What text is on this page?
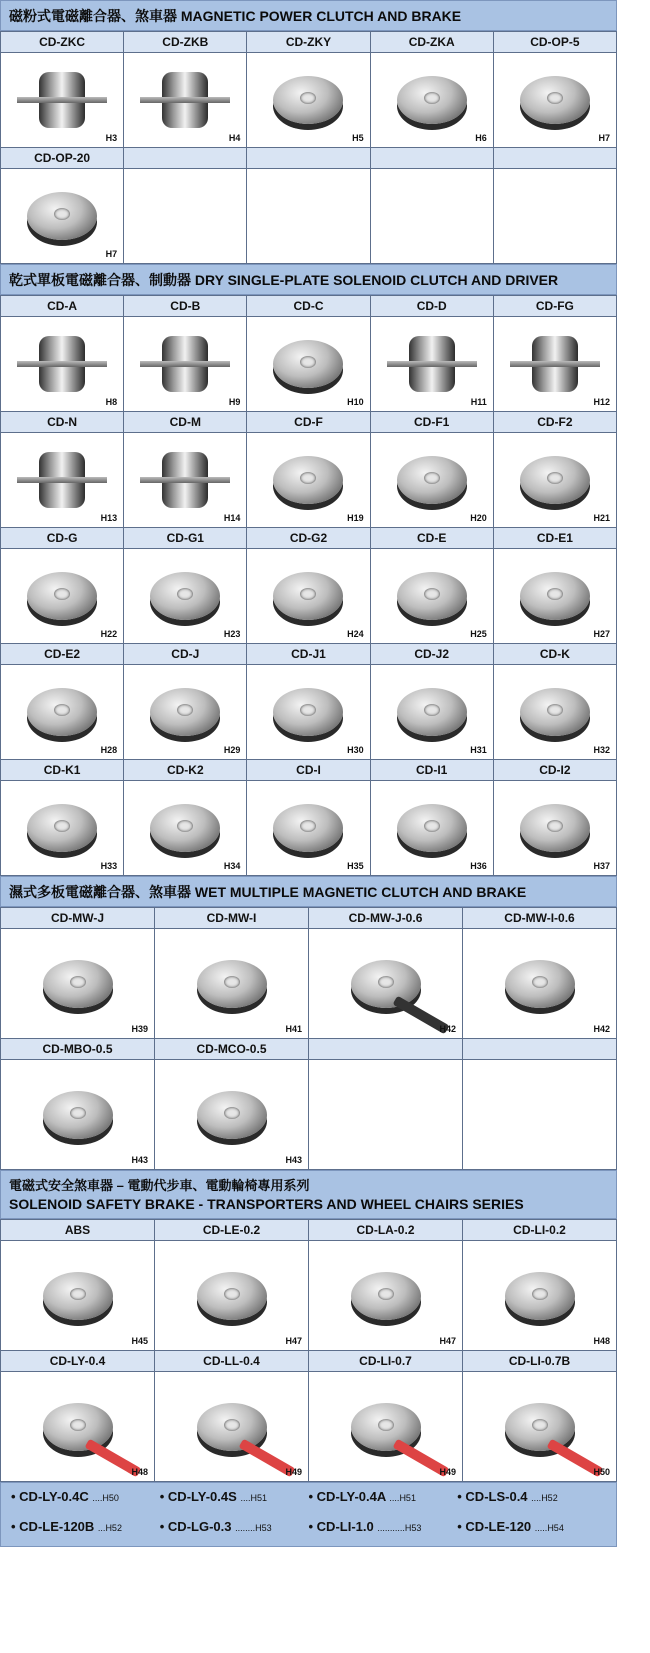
磁粉式電磁離合器、煞車器 MAGNETIC POWER CLUTCH AND BRAKE
CD-ZKC
H3
CD-ZKB
H4
CD-ZKY
H5
CD-ZKA
H6
CD-OP-5
H7
CD-OP-20
H7
乾式單板電磁離合器、制動器 DRY SINGLE-PLATE SOLENOID CLUTCH AND DRIVER
CD-A
H8
CD-B
H9
CD-C
H10
CD-D
H11
CD-FG
H12
CD-N
H13
CD-M
H14
CD-F
H19
CD-F1
H20
CD-F2
H21
CD-G
H22
CD-G1
H23
CD-G2
H24
CD-E
H25
CD-E1
H27
CD-E2
H28
CD-J
H29
CD-J1
H30
CD-J2
H31
CD-K
H32
CD-K1
H33
CD-K2
H34
CD-I
H35
CD-I1
H36
CD-I2
H37
濕式多板電磁離合器、煞車器 WET MULTIPLE MAGNETIC CLUTCH AND BRAKE
CD-MW-J
H39
CD-MW-I
H41
CD-MW-J-0.6
H42
CD-MW-I-0.6
H42
CD-MBO-0.5
H43
CD-MCO-0.5
H43
電磁式安全煞車器 – 電動代步車、電動輪椅專用系列
SOLENOID SAFETY BRAKE - TRANSPORTERS AND WHEEL CHAIRS SERIES
ABS
H45
CD-LE-0.2
H47
CD-LA-0.2
H47
CD-LI-0.2
H48
CD-LY-0.4
H48
CD-LL-0.4
H49
CD-LI-0.7
H49
CD-LI-0.7B
H50
• CD-LY-0.4C ....H50	• CD-LY-0.4S ....H51	• CD-LY-0.4A ....H51	• CD-LS-0.4 ....H52
• CD-LE-120B ...H52	• CD-LG-0.3 ........H53	• CD-LI-1.0 ...........H53	• CD-LE-120 .....H54
